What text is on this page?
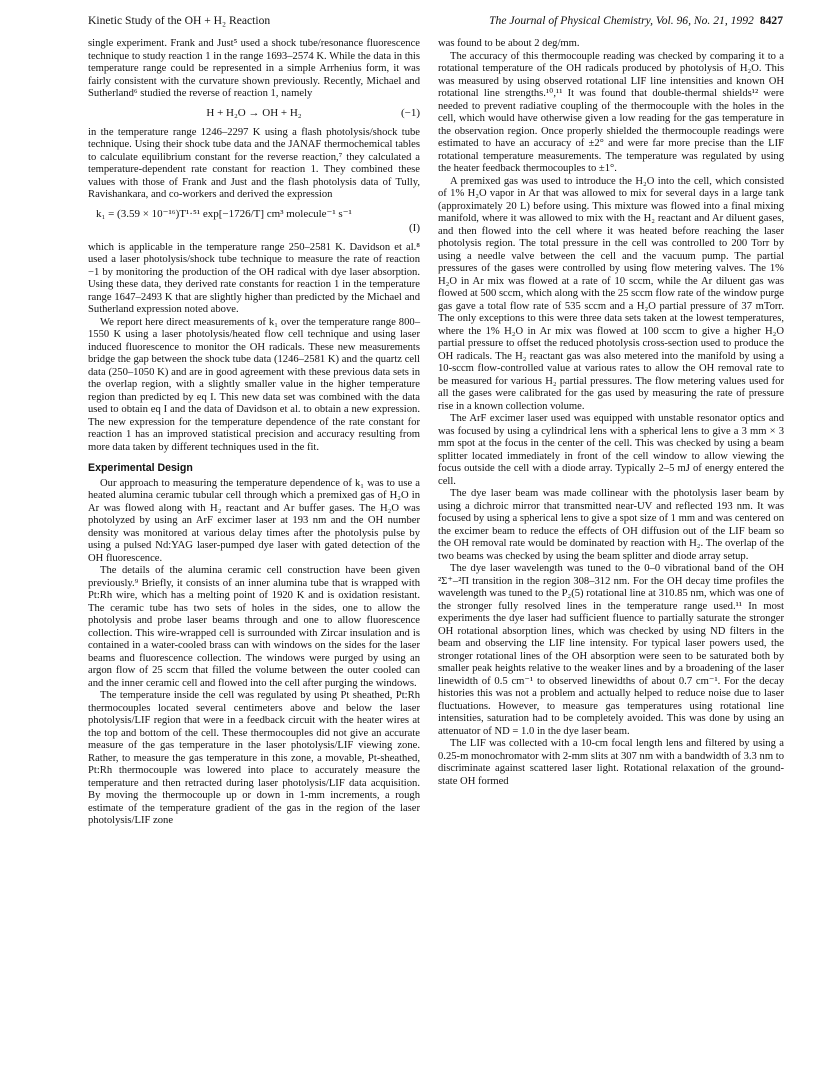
Kinetic Study of the OH + H₂ Reaction	The Journal of Physical Chemistry, Vol. 96, No. 21, 1992 8427

single experiment. Frank and Just⁵ used a shock tube/resonance fluorescence technique to study reaction 1 in the range 1693–2574 K. While the data in this temperature range could be represented in a simple Arrhenius form, it was fairly consistent with the curvature shown previously. Recently, Michael and Sutherland⁶ studied the reverse of reaction 1, namely

H + H₂O → OH + H₂	(−1)

in the temperature range 1246–2297 K using a flash photolysis/shock tube technique. Using their shock tube data and the JANAF thermochemical tables to calculate equilibrium constant for the reverse reaction,⁷ they calculated a temperature-dependent rate constant for reaction 1. They combined these values with those of Frank and Just and the flash photolysis data of Tully, Ravishankara, and co-workers and derived the expression

k₁ = (3.59 × 10⁻¹⁶)T¹·⁵¹ exp[−1726/T] cm³ molecule⁻¹ s⁻¹
(I)

which is applicable in the temperature range 250–2581 K. Davidson et al.⁸ used a laser photolysis/shock tube technique to measure the rate of reaction −1 by monitoring the production of the OH radical with dye laser absorption. Using these data, they derived rate constants for reaction 1 in the temperature range 1647–2493 K that are slightly higher than predicted by the Michael and Sutherland expression noted above.

We report here direct measurements of k₁ over the temperature range 800–1550 K using a laser photolysis/heated flow cell technique and using laser induced fluorescence to monitor the OH radicals. These new measurements bridge the gap between the shock tube data (1246–2581 K) and the quartz cell data (250–1050 K) and are in good agreement with these previous data sets in the overlap region, with a slightly smaller value in the higher temperature region than predicted by eq I. This new data set was combined with the data used to obtain eq I and the data of Davidson et al. to obtain a new expression. The new expression for the temperature dependence of the rate constant for reaction 1 has an improved statistical precision and accuracy resulting from more data taken by different techniques used in the fit.

Experimental Design

Our approach to measuring the temperature dependence of k₁ was to use a heated alumina ceramic tubular cell through which a premixed gas of H₂O in Ar was flowed along with H₂ reactant and Ar buffer gases. The H₂O was photolyzed by using an ArF excimer laser at 193 nm and the OH number density was monitored at various delay times after the photolysis pulse by using a pulsed Nd:YAG laser-pumped dye laser with gated detection of the OH fluorescence.

The details of the alumina ceramic cell construction have been given previously.⁹ Briefly, it consists of an inner alumina tube that is wrapped with Pt:Rh wire, which has a melting point of 1920 K and is oxidation resistant. The ceramic tube has two sets of holes in the sides, one to allow the photolysis and probe laser beams through and one to allow fluorescence collection. This wire-wrapped cell is surrounded with Zircar insulation and is contained in a water-cooled brass can with windows on the sides for the laser beams and fluorescence collection. The windows were purged by using an argon flow of 25 sccm that filled the volume between the outer cooled can and the inner ceramic cell and flowed into the cell after purging the windows.

The temperature inside the cell was regulated by using Pt sheathed, Pt:Rh thermocouples located several centimeters above and below the laser photolysis/LIF region that were in a feedback circuit with the heater wires at the top and bottom of the cell. These thermocouples did not give an accurate measure of the gas temperature in the laser photolysis/LIF viewing zone. Rather, to measure the gas temperature in this zone, a movable, Pt-sheathed, Pt:Rh thermocouple was lowered into place to accurately measure the temperature and then retracted during laser photolysis/LIF data acquisition. By moving the thermocouple up or down in 1-mm increments, a rough estimate of the temperature gradient of the gas in the region of the laser photolysis/LIF zone

was found to be about 2 deg/mm.

The accuracy of this thermocouple reading was checked by comparing it to a rotational temperature of the OH radicals produced by photolysis of H₂O. This was measured by using observed rotational LIF line intensities and known OH rotational line strengths.¹⁰,¹¹ It was found that double-thermal shields¹² were needed to prevent radiative coupling of the thermocouple with the holes in the cell, which would have otherwise given a low reading for the gas temperature in the observation region. Once properly shielded the thermocouple readings were estimated to have an accuracy of ±2° and were far more precise than the LIF rotational temperature measurements. The temperature was regulated by using the heater feedback thermocouples to ±1°.

A premixed gas was used to introduce the H₂O into the cell, which consisted of 1% H₂O vapor in Ar that was allowed to mix for several days in a large tank (approximately 20 L) before using. This mixture was flowed into a final mixing manifold, where it was allowed to mix with the H₂ reactant and Ar diluent gases, and then flowed into the cell where it was heated before reaching the laser photolysis region. The total pressure in the cell was controlled to 200 Torr by using a needle valve between the cell and the vacuum pump. The partial pressures of the gases were controlled by using flow metering valves. The 1% H₂O in Ar mix was flowed at a rate of 10 sccm, while the Ar diluent gas was flowed at 500 sccm, which along with the 25 sccm flow rate of the window purge gas gave a total flow rate of 535 sccm and a H₂O partial pressure of 37 mTorr. The only exceptions to this were three data sets taken at the lowest temperatures, where the 1% H₂O in Ar mix was flowed at 100 sccm to give a higher H₂O partial pressure to offset the reduced photolysis cross-section used to produce the OH radicals. The H₂ reactant gas was also metered into the manifold by using a 10-sccm flow-controlled value at various rates to allow the OH removal rate to be measured for various H₂ partial pressures. The flow metering values used for all the gases were calibrated for the gas used by measuring the rate of pressure rise in a known collection volume.

The ArF excimer laser used was equipped with unstable resonator optics and was focused by using a cylindrical lens with a spherical lens to give a 3 mm × 3 mm spot at the focus in the center of the cell. This was checked by using a beam splitter located immediately in front of the cell window to allow viewing the focus outside the cell with a diode array. Typically 2–5 mJ of energy entered the cell.

The dye laser beam was made collinear with the photolysis laser beam by using a dichroic mirror that transmitted near-UV and reflected 193 nm. It was focused by using a spherical lens to give a spot size of 1 mm and was centered on the excimer beam to reduce the effects of OH diffusion out of the LIF beam so the OH removal rate would be dominated by reaction with H₂. The overlap of the two beams was checked by using the beam splitter and diode array setup.

The dye laser wavelength was tuned to the 0–0 vibrational band of the OH ²Σ⁺–²Π transition in the region 308–312 nm. For the OH decay time profiles the wavelength was tuned to the P₂(5) rotational line at 310.85 nm, which was one of the stronger fully resolved lines in the temperature range used.¹¹ In most experiments the dye laser had sufficient fluence to partially saturate the stronger OH rotational absorption lines, which was checked by using ND filters in the beam and observing the LIF line intensity. For typical laser powers used, the stronger rotational lines of the OH absorption were seen to be saturated both by smaller peak heights relative to the weaker lines and by a broadening of the laser linewidth of 0.5 cm⁻¹ to observed linewidths of about 0.7 cm⁻¹. For the decay histories this was not a problem and actually helped to reduce noise due to laser fluctuations. However, to measure gas temperatures using rotational line intensities, saturation had to be completely avoided. This was done by using an attenuator of ND = 1.0 in the dye laser beam.

The LIF was collected with a 10-cm focal length lens and filtered by using a 0.25-m monochromator with 2-mm slits at 307 nm with a bandwidth of 3.3 nm to discriminate against scattered laser light. Rotational relaxation of the ground-state OH formed
